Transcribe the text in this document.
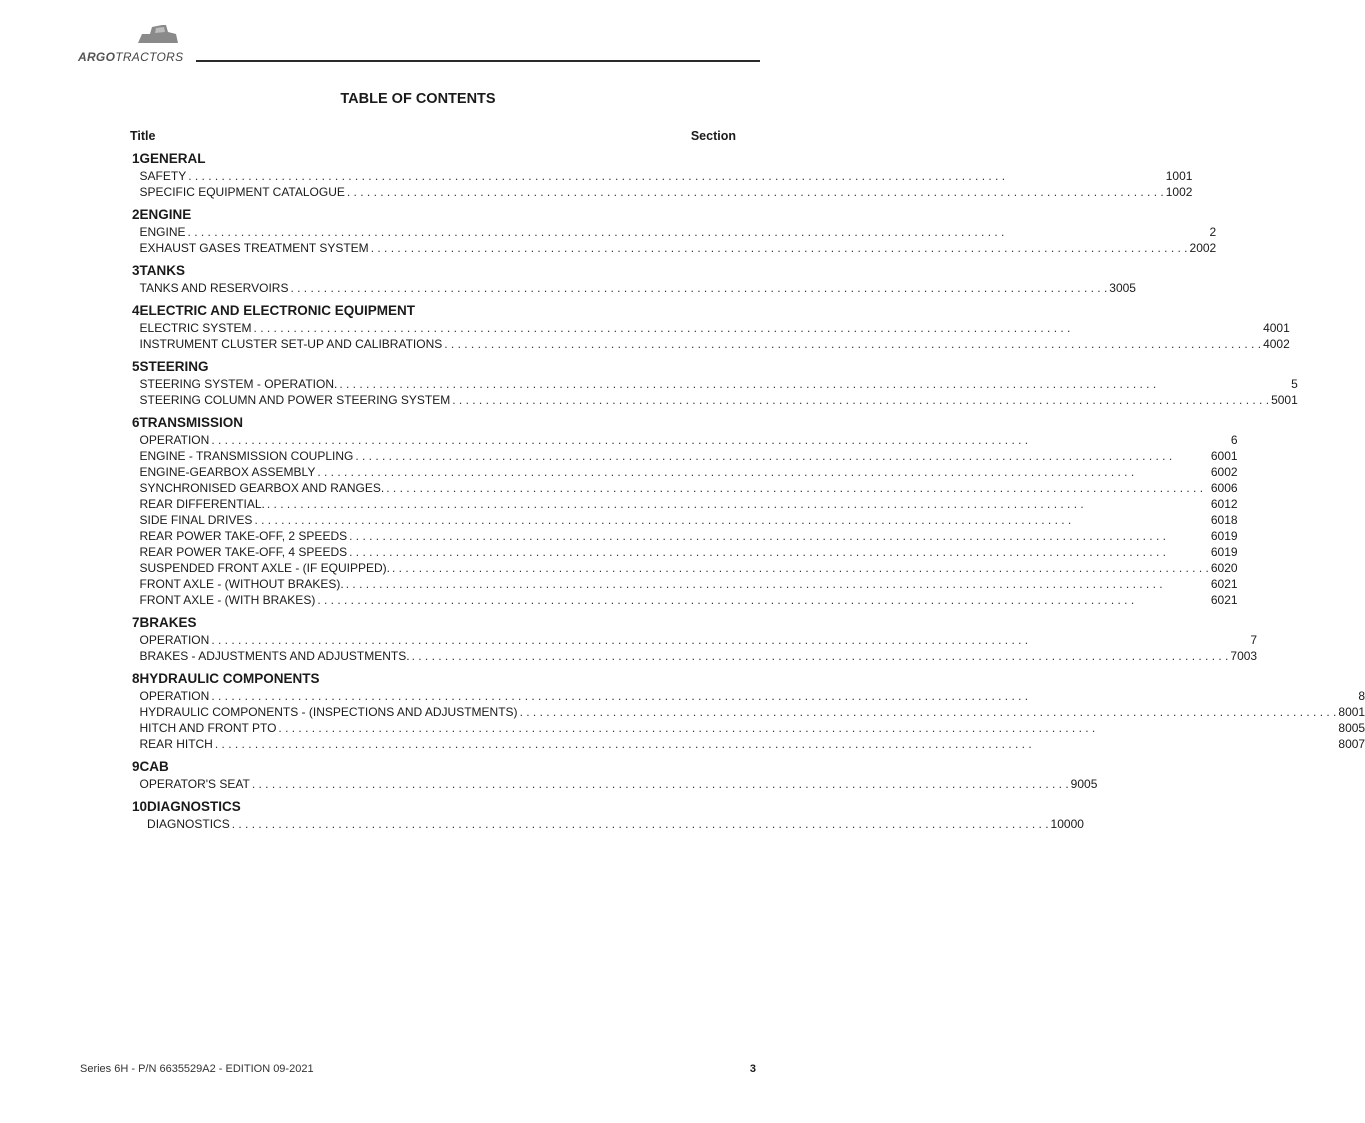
ARGOTRACTORS
TABLE OF CONTENTS
Title	Section
1 GENERAL
SAFETY . . .	1001
SPECIFIC EQUIPMENT CATALOGUE . . .	1002
2 ENGINE
ENGINE . . .	2
EXHAUST GASES TREATMENT SYSTEM . . .	2002
3 TANKS
TANKS AND RESERVOIRS . . .	3005
4 ELECTRIC AND ELECTRONIC EQUIPMENT
ELECTRIC SYSTEM . . .	4001
INSTRUMENT CLUSTER SET-UP AND CALIBRATIONS . . .	4002
5 STEERING
STEERING SYSTEM - OPERATION. . . .	5
STEERING COLUMN AND POWER STEERING SYSTEM . . .	5001
6 TRANSMISSION
OPERATION . . .	6
ENGINE - TRANSMISSION COUPLING . . .	6001
ENGINE-GEARBOX ASSEMBLY . . .	6002
SYNCHRONISED GEARBOX AND RANGES. . . .	6006
REAR DIFFERENTIAL. . . .	6012
SIDE FINAL DRIVES . . .	6018
REAR POWER TAKE-OFF, 2 SPEEDS . . .	6019
REAR POWER TAKE-OFF, 4 SPEEDS . . .	6019
SUSPENDED FRONT AXLE - (IF EQUIPPED). . . .	6020
FRONT AXLE - (WITHOUT BRAKES). . . .	6021
FRONT AXLE - (WITH BRAKES) . . .	6021
7 BRAKES
OPERATION . . .	7
BRAKES - ADJUSTMENTS AND ADJUSTMENTS. . . .	7003
8 HYDRAULIC COMPONENTS
OPERATION . . .	8
HYDRAULIC COMPONENTS - (INSPECTIONS AND ADJUSTMENTS) . . .	8001
HITCH AND FRONT PTO . . .	8005
REAR HITCH . . .	8007
9 CAB
OPERATOR'S SEAT . . .	9005
10 DIAGNOSTICS
DIAGNOSTICS . . .	10000
Series 6H - P/N 6635529A2 - EDITION 09-2021	3
